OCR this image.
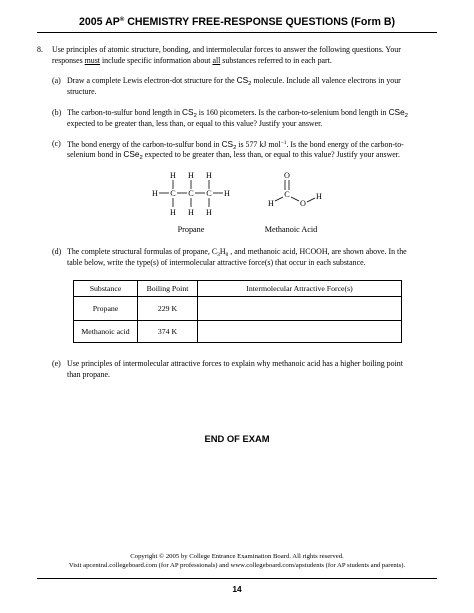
2005 AP® CHEMISTRY FREE-RESPONSE QUESTIONS (Form B)
8. Use principles of atomic structure, bonding, and intermolecular forces to answer the following questions. Your
responses must include specific information about all substances referred to in each part.
(a) Draw a complete Lewis electron-dot structure for the $CS_2$ molecule. Include all valence electrons in your
structure.
(b) The carbon-to-sulfur bond length in $CS_2$ is 160 picometers. Is the carbon-to-selenium bond length in CSe$_2$
expected to be greater than, less than, or equal to this value? Justify your answer.
(c) The bond energy of the carbon-to-sulfur bond in $CS_2$ is 577 kJ mol$^{-1}$. Is the bond energy of the carbon-to-
selenium bond in CSe$_2$ expected to be greater than, less than, or equal to this value? Justify your answer.
H H H
H C C C H
H H H
Propane
O
C
H	O
H
Methanoic Acid
(d) The complete structural formulas of propane, $C_3H_8$ , and methanoic acid, HCOOH, are shown above. In the
table below, write the type(s) of intermolecular attractive force(s) that occur in each substance.
Substance	Boiling Point	Intermolecular Attractive Force(s)
Propane	229 K	
Methanoic acid	374 K	
(e) Use principles of intermolecular attractive forces to explain why methanoic acid has a higher boiling point
than propane.
END OF EXAM
Copyright © 2005 by College Entrance Examination Board. All rights reserved.
Visit apcentral.collegeboard.com (for AP professionals) and www.collegeboard.com/apstudents (for AP students and parents).
14
